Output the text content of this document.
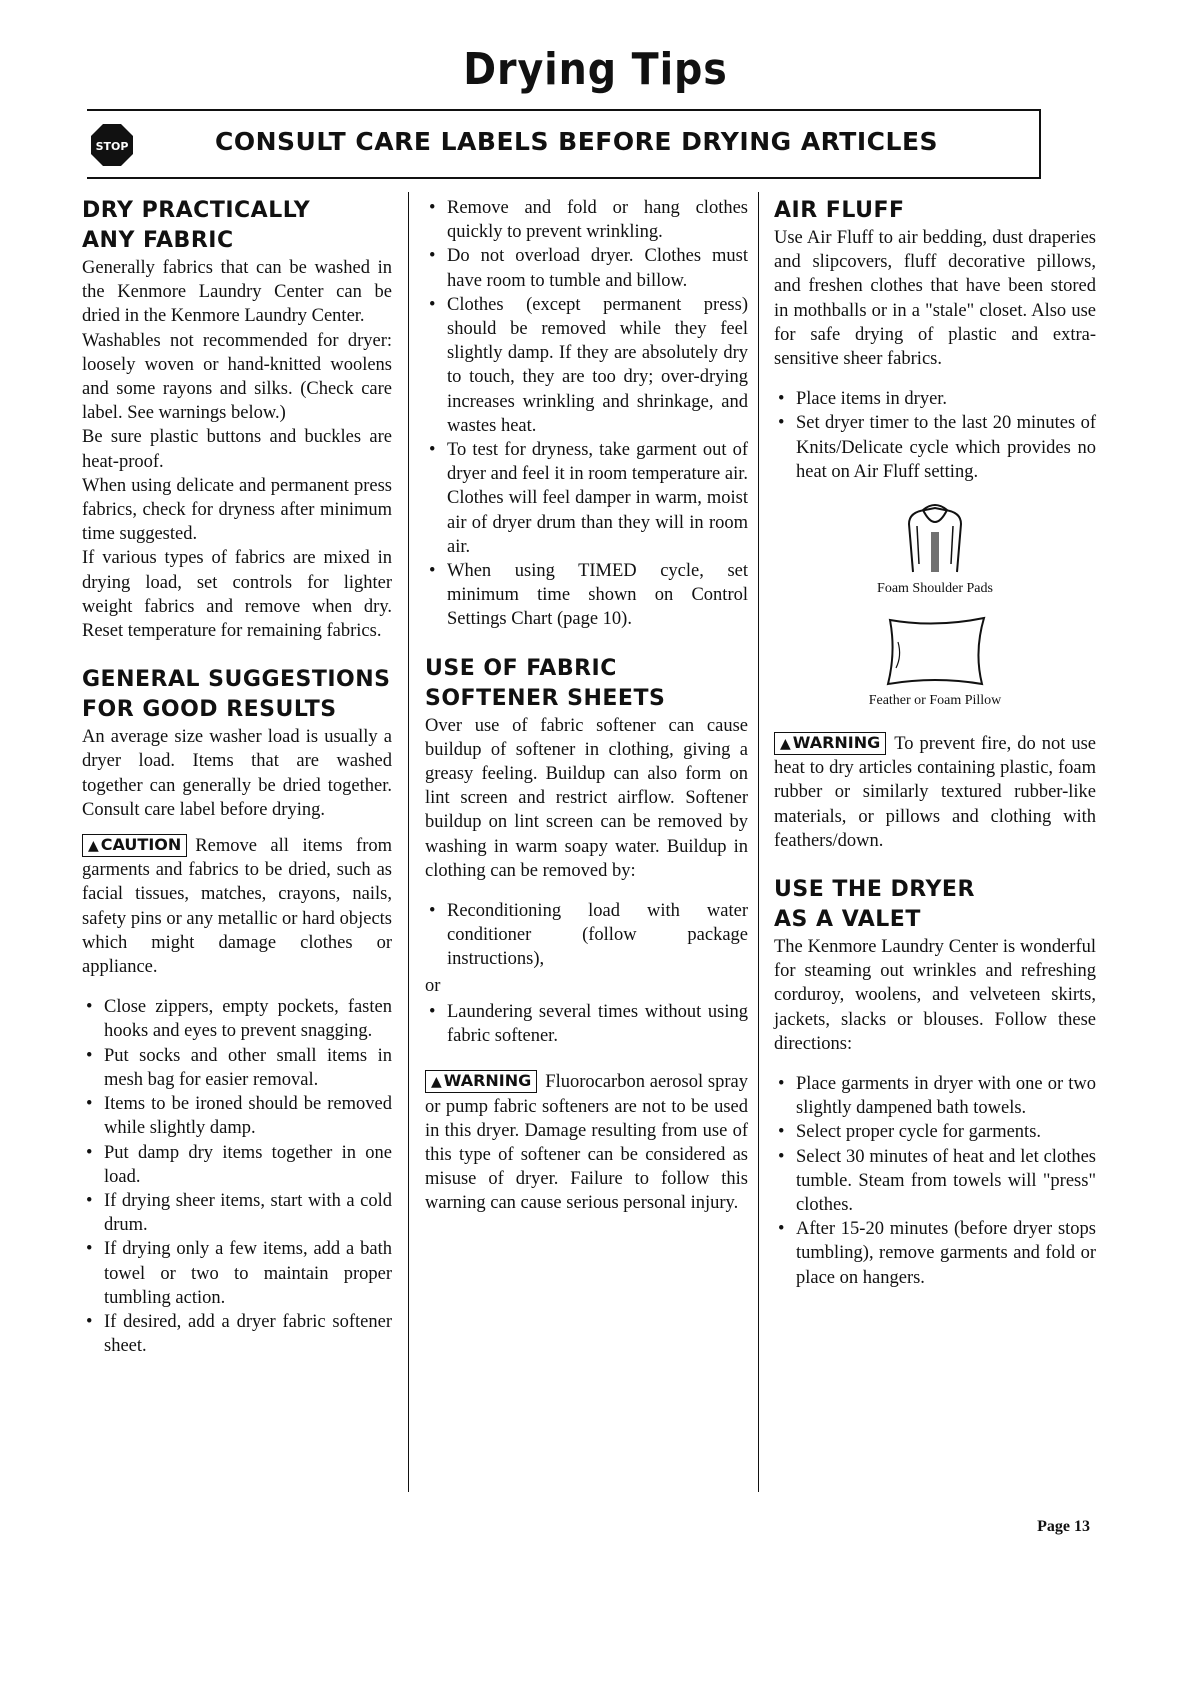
Drying Tips
STOP	CONSULT CARE LABELS BEFORE DRYING ARTICLES
DRY PRACTICALLY
ANY FABRIC

Generally fabrics that can be washed in the Kenmore Laundry Center can be dried in the Kenmore Laundry Center.

Washables not recommended for dryer: loosely woven or hand-knitted woolens and some rayons and silks. (Check care label. See warnings below.)

Be sure plastic buttons and buckles are heat-proof.

When using delicate and permanent press fabrics, check for dryness after minimum time suggested.

If various types of fabrics are mixed in drying load, set controls for lighter weight fabrics and remove when dry. Reset temperature for remaining fabrics.

GENERAL SUGGESTIONS
FOR GOOD RESULTS

An average size washer load is usually a dryer load. Items that are washed together can generally be dried together. Consult care label before drying.

▲ CAUTION Remove all items from garments and fabrics to be dried, such as facial tissues, matches, crayons, nails, safety pins or any metallic or hard objects which might damage clothes or appliance.

• Close zippers, empty pockets, fasten hooks and eyes to prevent snagging.
• Put socks and other small items in mesh bag for easier removal.
• Items to be ironed should be removed while slightly damp.
• Put damp dry items together in one load.
• If drying sheer items, start with a cold drum.
• If drying only a few items, add a bath towel or two to maintain proper tumbling action.
• If desired, add a dryer fabric softener sheet.
• Remove and fold or hang clothes quickly to prevent wrinkling.
• Do not overload dryer. Clothes must have room to tumble and billow.
• Clothes (except permanent press) should be removed while they feel slightly damp. If they are absolutely dry to touch, they are too dry; over-drying increases wrinkling and shrinkage, and wastes heat.
• To test for dryness, take garment out of dryer and feel it in room temperature air. Clothes will feel damper in warm, moist air of dryer drum than they will in room air.
• When using TIMED cycle, set minimum time shown on Control Settings Chart (page 10).
USE OF FABRIC
SOFTENER SHEETS

Over use of fabric softener can cause buildup of softener in clothing, giving a greasy feeling. Buildup can also form on lint screen and restrict airflow. Softener buildup on lint screen can be removed by washing in warm soapy water. Buildup in clothing can be removed by:

• Reconditioning load with water conditioner (follow package instructions),
or
• Laundering several times without using fabric softener.

▲ WARNING Fluorocarbon aerosol spray or pump fabric softeners are not to be used in this dryer. Damage resulting from use of this type of softener can be considered as misuse of dryer. Failure to follow this warning can cause serious personal injury.

AIR FLUFF

Use Air Fluff to air bedding, dust draperies and slipcovers, fluff decorative pillows, and freshen clothes that have been stored in mothballs or in a "stale" closet. Also use for safe drying of plastic and extra-sensitive sheer fabrics.

• Place items in dryer.
• Set dryer timer to the last 20 minutes of Knits/Delicate cycle which provides no heat on Air Fluff setting.
Foam Shoulder Pads
Feather or Foam Pillow

▲ WARNING To prevent fire, do not use heat to dry articles containing plastic, foam rubber or similarly textured rubber-like materials, or pillows and clothing with feathers/down.

USE THE DRYER
AS A VALET

The Kenmore Laundry Center is wonderful for steaming out wrinkles and refreshing corduroy, woolens, and velveteen skirts, jackets, slacks or blouses. Follow these directions:

• Place garments in dryer with one or two slightly dampened bath towels.
• Select proper cycle for garments.
• Select 30 minutes of heat and let clothes tumble. Steam from towels will "press" clothes.
• After 15-20 minutes (before dryer stops tumbling), remove garments and fold or place on hangers.
Page 13
